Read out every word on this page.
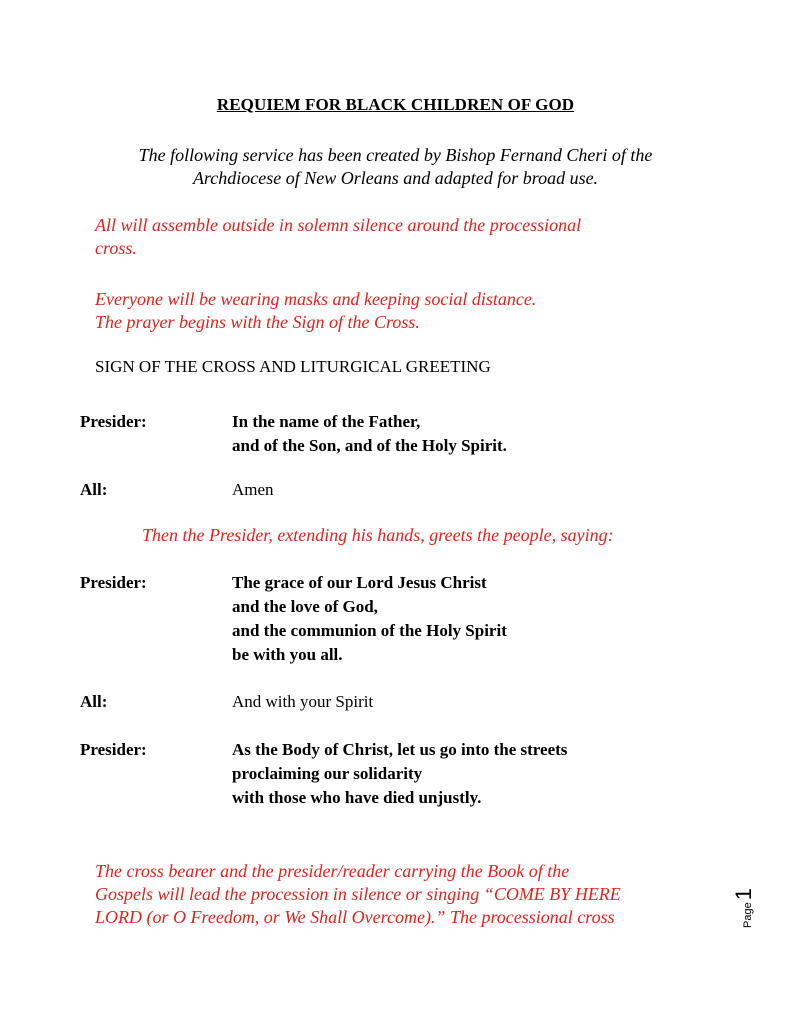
REQUIEM FOR BLACK CHILDREN OF GOD
The following service has been created by Bishop Fernand Cheri of the
Archdiocese of New Orleans and adapted for broad use.
All will assemble outside in solemn silence around the processional
cross.
Everyone will be wearing masks and keeping social distance.
The prayer begins with the Sign of the Cross.
SIGN OF THE CROSS AND LITURGICAL GREETING
Presider:	In the name of the Father,
and of the Son, and of the Holy Spirit.
All:	Amen
Then the Presider, extending his hands, greets the people, saying:
Presider:	The grace of our Lord Jesus Christ
and the love of God,
and the communion of the Holy Spirit
be with you all.
All:	And with your Spirit
Presider:	As the Body of Christ, let us go into the streets
proclaiming our solidarity
with those who have died unjustly.
The cross bearer and the presider/reader carrying the Book of the
Gospels will lead the procession in silence or singing “COME BY HERE
LORD (or O Freedom, or We Shall Overcome).” The processional cross	Page1
